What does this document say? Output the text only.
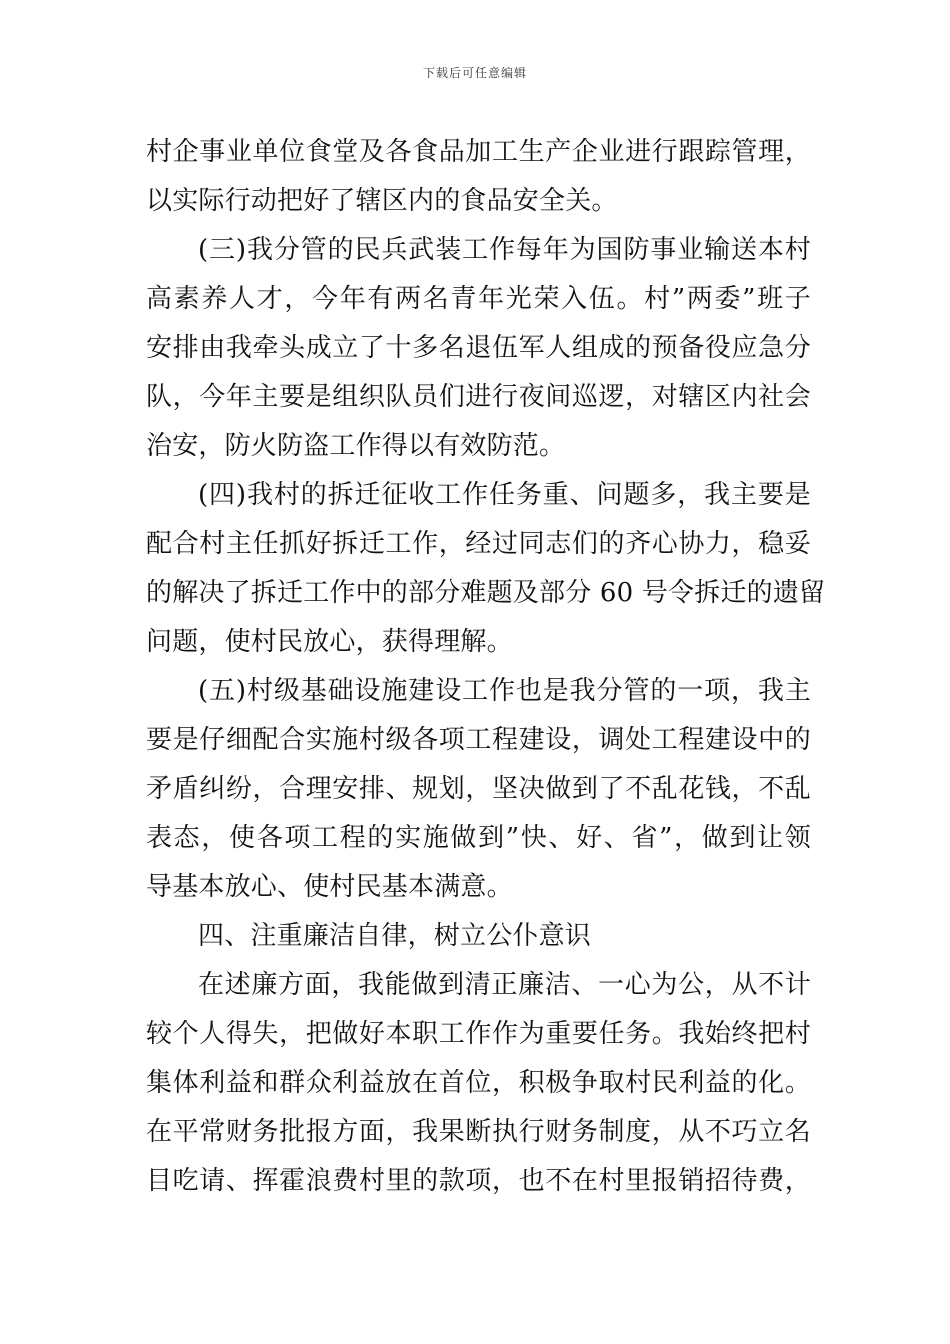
下载后可任意编辑
村企事业单位食堂及各食品加工生产企业进行跟踪管理，
以实际行动把好了辖区内的食品安全关。
(三)我分管的民兵武装工作每年为国防事业输送本村
高素养人才，今年有两名青年光荣入伍。村”两委”班子
安排由我牵头成立了十多名退伍军人组成的预备役应急分
队，今年主要是组织队员们进行夜间巡逻，对辖区内社会
治安，防火防盗工作得以有效防范。
(四)我村的拆迁征收工作任务重、问题多，我主要是
配合村主任抓好拆迁工作，经过同志们的齐心协力，稳妥
的解决了拆迁工作中的部分难题及部分 60 号令拆迁的遗留
问题，使村民放心，获得理解。
(五)村级基础设施建设工作也是我分管的一项，我主
要是仔细配合实施村级各项工程建设，调处工程建设中的
矛盾纠纷，合理安排、规划，坚决做到了不乱花钱，不乱
表态，使各项工程的实施做到”快、好、省”，做到让领
导基本放心、使村民基本满意。
四、注重廉洁自律，树立公仆意识
在述廉方面，我能做到清正廉洁、一心为公，从不计
较个人得失，把做好本职工作作为重要任务。我始终把村
集体利益和群众利益放在首位，积极争取村民利益的化。
在平常财务批报方面，我果断执行财务制度，从不巧立名
目吃请、挥霍浪费村里的款项，也不在村里报销招待费，
